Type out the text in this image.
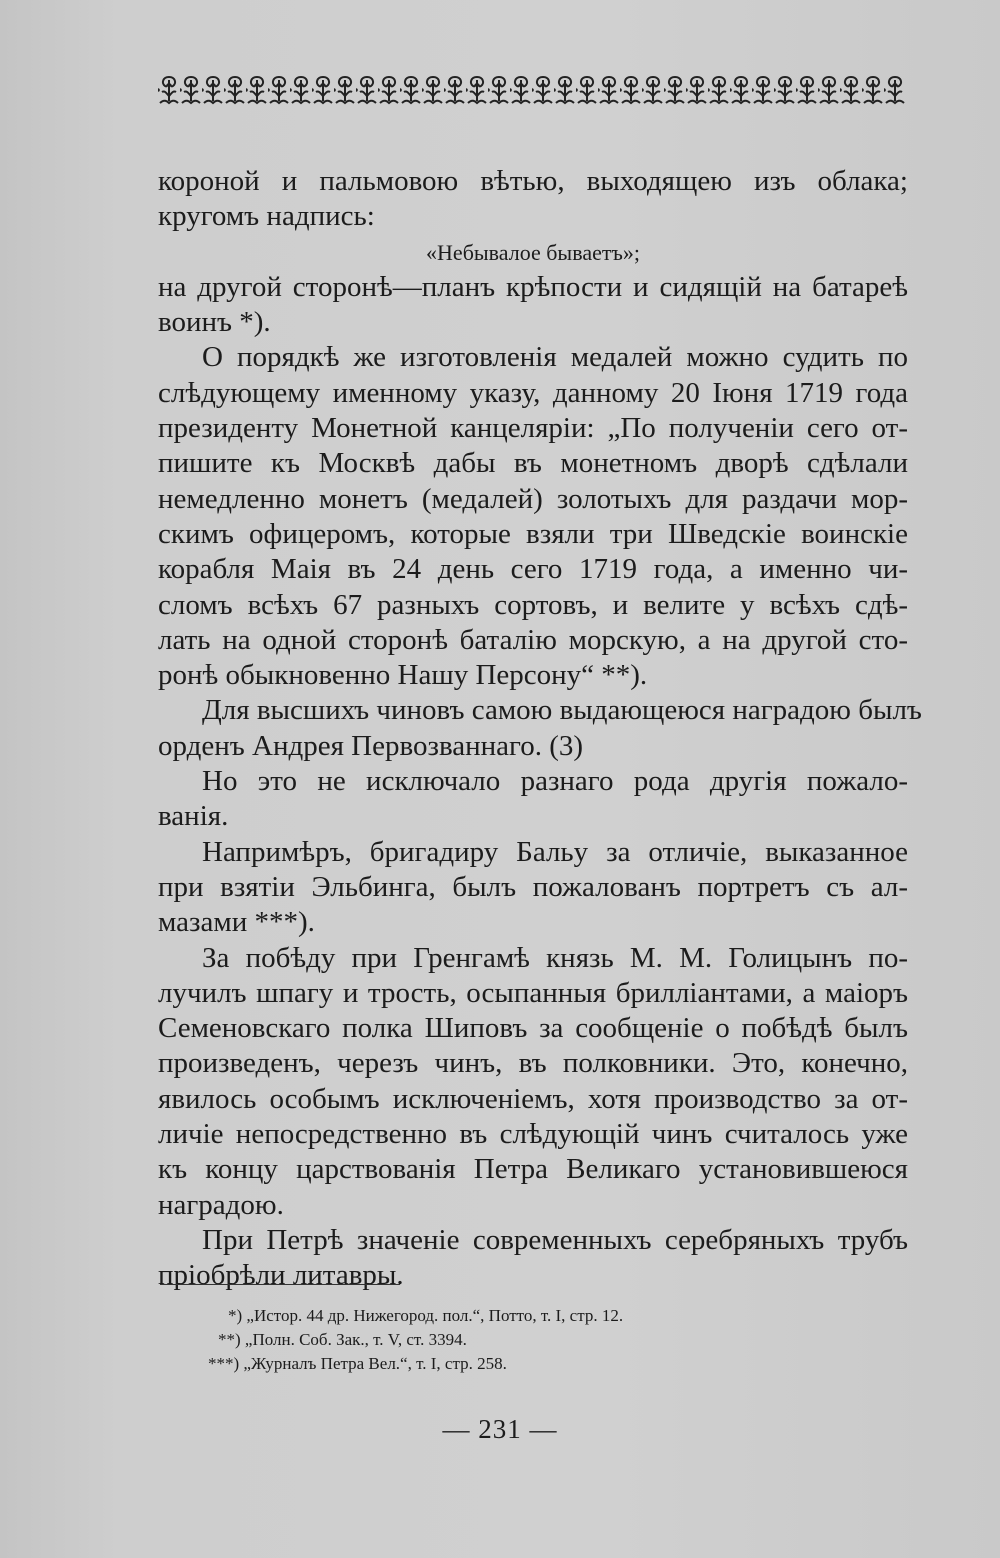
короной и пальмовою вѣтью, выходящею изъ облака;
кругомъ надпись:
«Небывалое бываетъ»;
на другой сторонѣ—планъ крѣпости и сидящій на батареѣ
воинъ *).
О порядкѣ же изготовленія медалей можно судить по
слѣдующему именному указу, данному 20 Іюня 1719 года
президенту Монетной канцеляріи: „По полученіи сего от-
пишите къ Москвѣ дабы въ монетномъ дворѣ сдѣлали
немедленно монетъ (медалей) золотыхъ для раздачи мор-
скимъ офицеромъ, которые взяли три Шведскіе воинскіе
корабля Маія въ 24 день сего 1719 года, а именно чи-
сломъ всѣхъ 67 разныхъ сортовъ, и велите у всѣхъ сдѣ-
лать на одной сторонѣ баталію морскую, а на другой сто-
ронѣ обыкновенно Нашу Персону“ **).
Для высшихъ чиновъ самою выдающеюся наградою былъ
орденъ Андрея Первозваннаго. (3)
Но это не исключало разнаго рода другія пожало-
ванія.
Напримѣръ, бригадиру Бальу за отличіе, выказанное
при взятіи Эльбинга, былъ пожалованъ портретъ съ ал-
мазами ***).
За побѣду при Гренгамѣ князь М. М. Голицынъ по-
лучилъ шпагу и трость, осыпанныя бриллiантами, а маіоръ
Семеновскаго полка Шиповъ за сообщеніе о побѣдѣ былъ
произведенъ, черезъ чинъ, въ полковники. Это, конечно,
явилось особымъ исключеніемъ, хотя производство за от-
личіе непосредственно въ слѣдующій чинъ считалось уже
къ концу царствованія Петра Великаго установившеюся
наградою.
При Петрѣ значеніе современныхъ серебряныхъ трубъ
пріобрѣли литавры.
*) „Истор. 44 др. Нижегород. пол.“, Потто, т. I, стр. 12.
**) „Полн. Соб. Зак., т. V, ст. 3394.
***) „Журналъ Петра Вел.“, т. I, стр. 258.
— 231 —
